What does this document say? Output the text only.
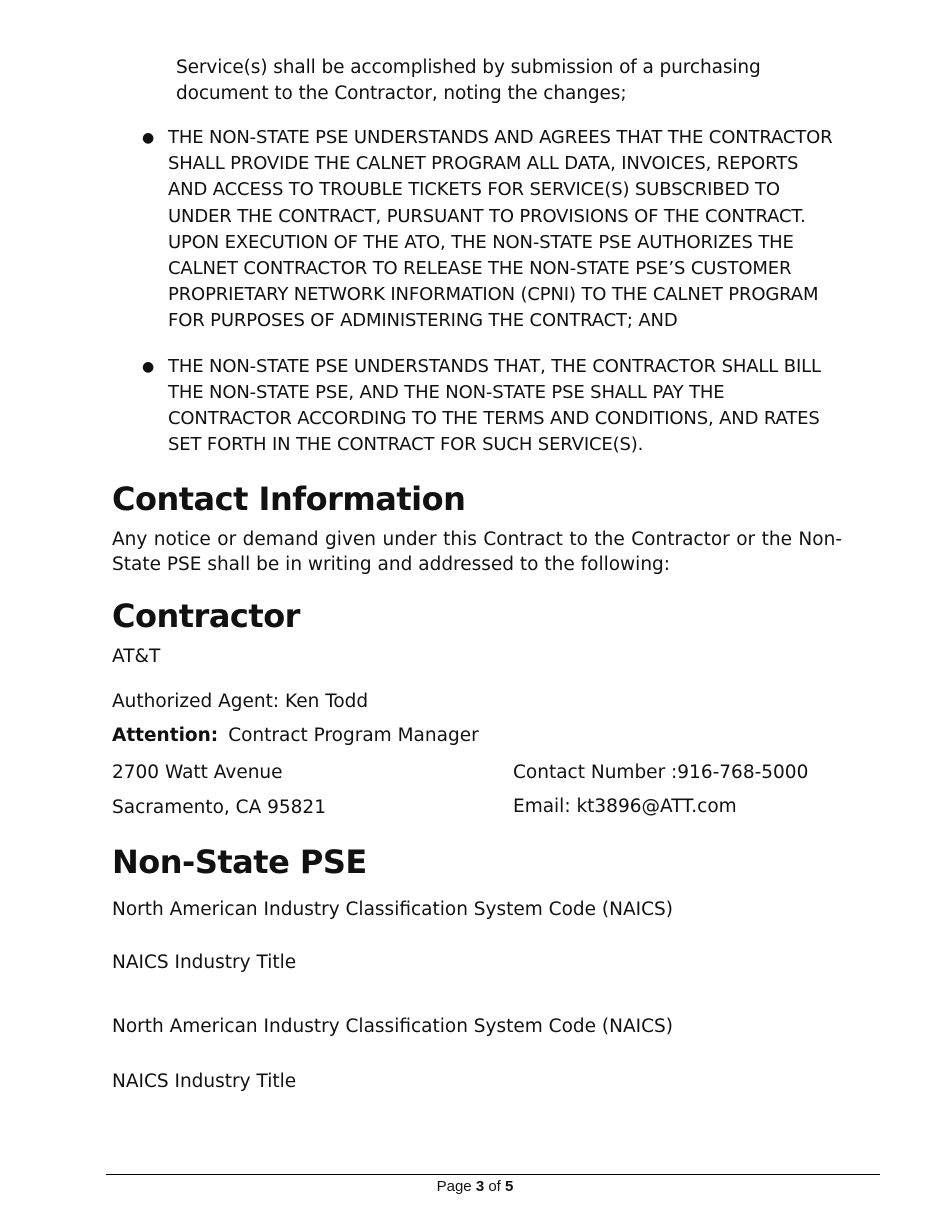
Service(s) shall be accomplished by submission of a purchasing document to the Contractor, noting the changes;
● THE NON-STATE PSE UNDERSTANDS AND AGREES THAT THE CONTRACTOR SHALL PROVIDE THE CALNET PROGRAM ALL DATA, INVOICES, REPORTS AND ACCESS TO TROUBLE TICKETS FOR SERVICE(S) SUBSCRIBED TO UNDER THE CONTRACT, PURSUANT TO PROVISIONS OF THE CONTRACT. UPON EXECUTION OF THE ATO, THE NON-STATE PSE AUTHORIZES THE CALNET CONTRACTOR TO RELEASE THE NON-STATE PSE’S CUSTOMER PROPRIETARY NETWORK INFORMATION (CPNI) TO THE CALNET PROGRAM FOR PURPOSES OF ADMINISTERING THE CONTRACT; AND
● THE NON-STATE PSE UNDERSTANDS THAT, THE CONTRACTOR SHALL BILL THE NON-STATE PSE, AND THE NON-STATE PSE SHALL PAY THE CONTRACTOR ACCORDING TO THE TERMS AND CONDITIONS, AND RATES SET FORTH IN THE CONTRACT FOR SUCH SERVICE(S).
Contact Information
Any notice or demand given under this Contract to the Contractor or the Non-State PSE shall be in writing and addressed to the following:
Contractor
AT&T
Authorized Agent: Ken Todd
Attention: Contract Program Manager
2700 Watt Avenue
Sacramento, CA 95821
Contact Number :916-768-5000
Email: kt3896@ATT.com
Non-State PSE
North American Industry Classification System Code (NAICS)
NAICS Industry Title
North American Industry Classification System Code (NAICS)
NAICS Industry Title
Page 3 of 5
